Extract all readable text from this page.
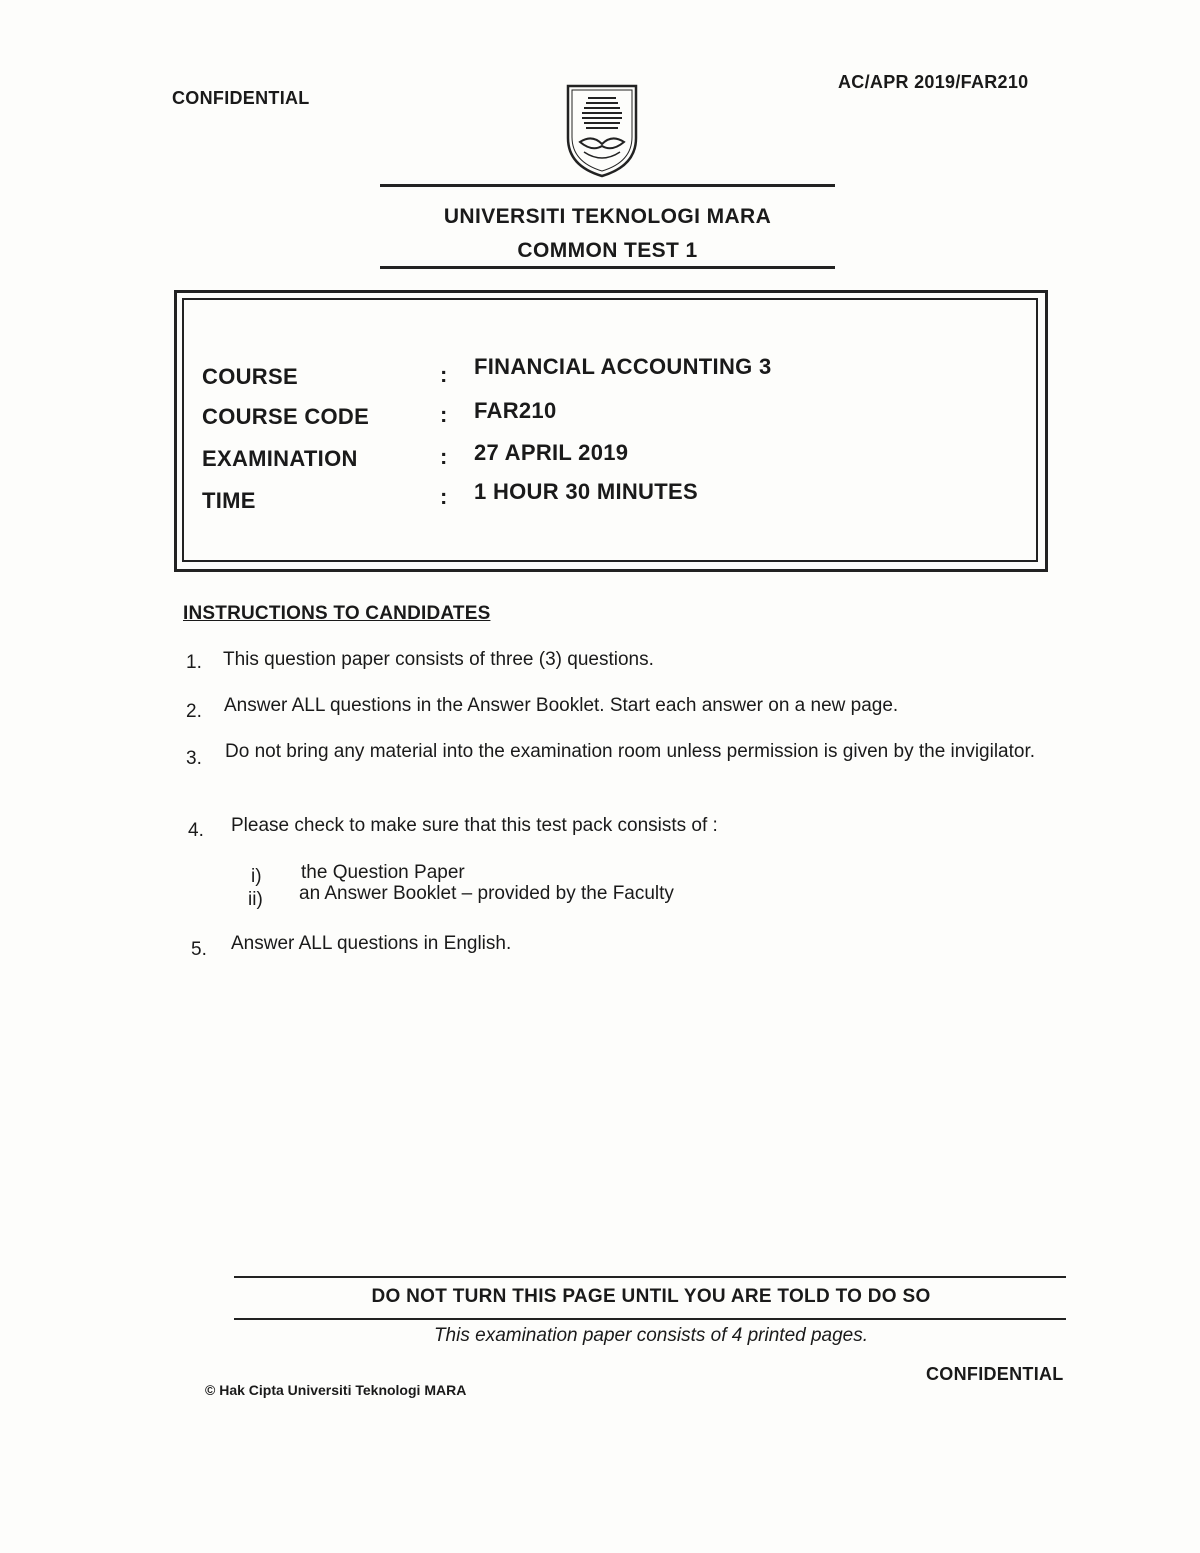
CONFIDENTIAL
AC/APR 2019/FAR210
UNIVERSITI TEKNOLOGI MARA
COMMON TEST 1
COURSE	: FINANCIAL ACCOUNTING 3
COURSE CODE	: FAR210
EXAMINATION	: 27 APRIL 2019
TIME	: 1 HOUR 30 MINUTES
INSTRUCTIONS TO CANDIDATES
1. This question paper consists of three (3) questions.
2. Answer ALL questions in the Answer Booklet. Start each answer on a new page.
3. Do not bring any material into the examination room unless permission is given by the invigilator.
4. Please check to make sure that this test pack consists of :
i) the Question Paper
ii) an Answer Booklet – provided by the Faculty
5. Answer ALL questions in English.
DO NOT TURN THIS PAGE UNTIL YOU ARE TOLD TO DO SO
This examination paper consists of 4 printed pages.
© Hak Cipta Universiti Teknologi MARA
CONFIDENTIAL
